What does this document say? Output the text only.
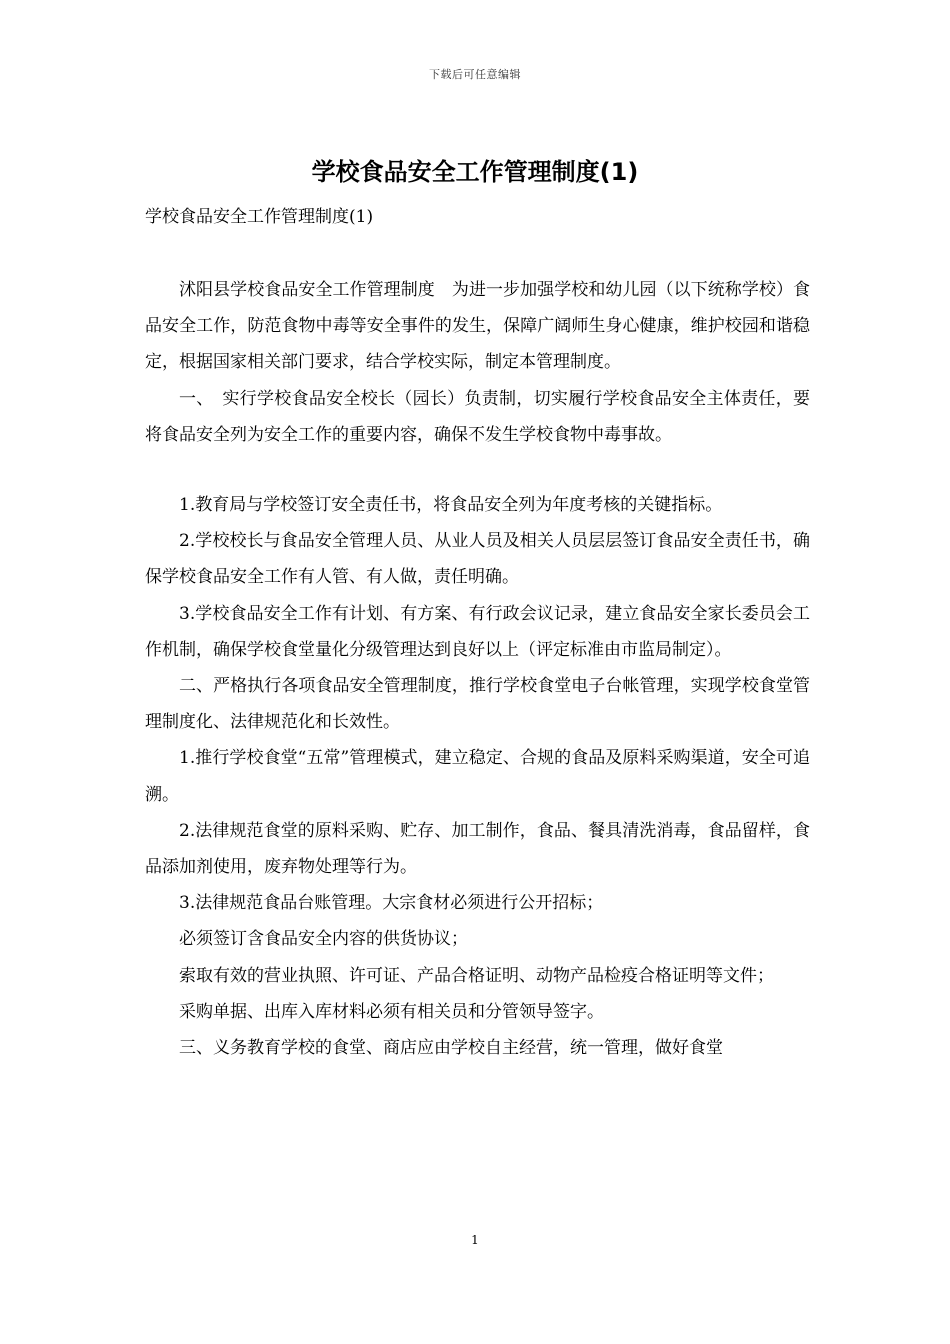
下载后可任意编辑
学校食品安全工作管理制度(1)
学校食品安全工作管理制度(1)

沭阳县学校食品安全工作管理制度　为进一步加强学校和幼儿园（以下统称学校）食品安全工作，防范食物中毒等安全事件的发生，保障广阔师生身心健康，维护校园和谐稳定，根据国家相关部门要求，结合学校实际，制定本管理制度。

一、　实行学校食品安全校长（园长）负责制，切实履行学校食品安全主体责任，要将食品安全列为安全工作的重要内容，确保不发生学校食物中毒事故。

1.教育局与学校签订安全责任书，将食品安全列为年度考核的关键指标。

2.学校校长与食品安全管理人员、从业人员及相关人员层层签订食品安全责任书，确保学校食品安全工作有人管、有人做，责任明确。

3.学校食品安全工作有计划、有方案、有行政会议记录，建立食品安全家长委员会工作机制，确保学校食堂量化分级管理达到良好以上（评定标准由市监局制定）。

二、严格执行各项食品安全管理制度，推行学校食堂电子台帐管理，实现学校食堂管理制度化、法律规范化和长效性。

1.推行学校食堂“五常”管理模式，建立稳定、合规的食品及原料采购渠道，安全可追溯。

2.法律规范食堂的原料采购、贮存、加工制作，食品、餐具清洗消毒，食品留样，食品添加剂使用，废弃物处理等行为。

3.法律规范食品台账管理。大宗食材必须进行公开招标；

必须签订含食品安全内容的供货协议；

索取有效的营业执照、许可证、产品合格证明、动物产品检疫合格证明等文件；

采购单据、出库入库材料必须有相关员和分管领导签字。

三、义务教育学校的食堂、商店应由学校自主经营，统一管理，做好食堂

1
